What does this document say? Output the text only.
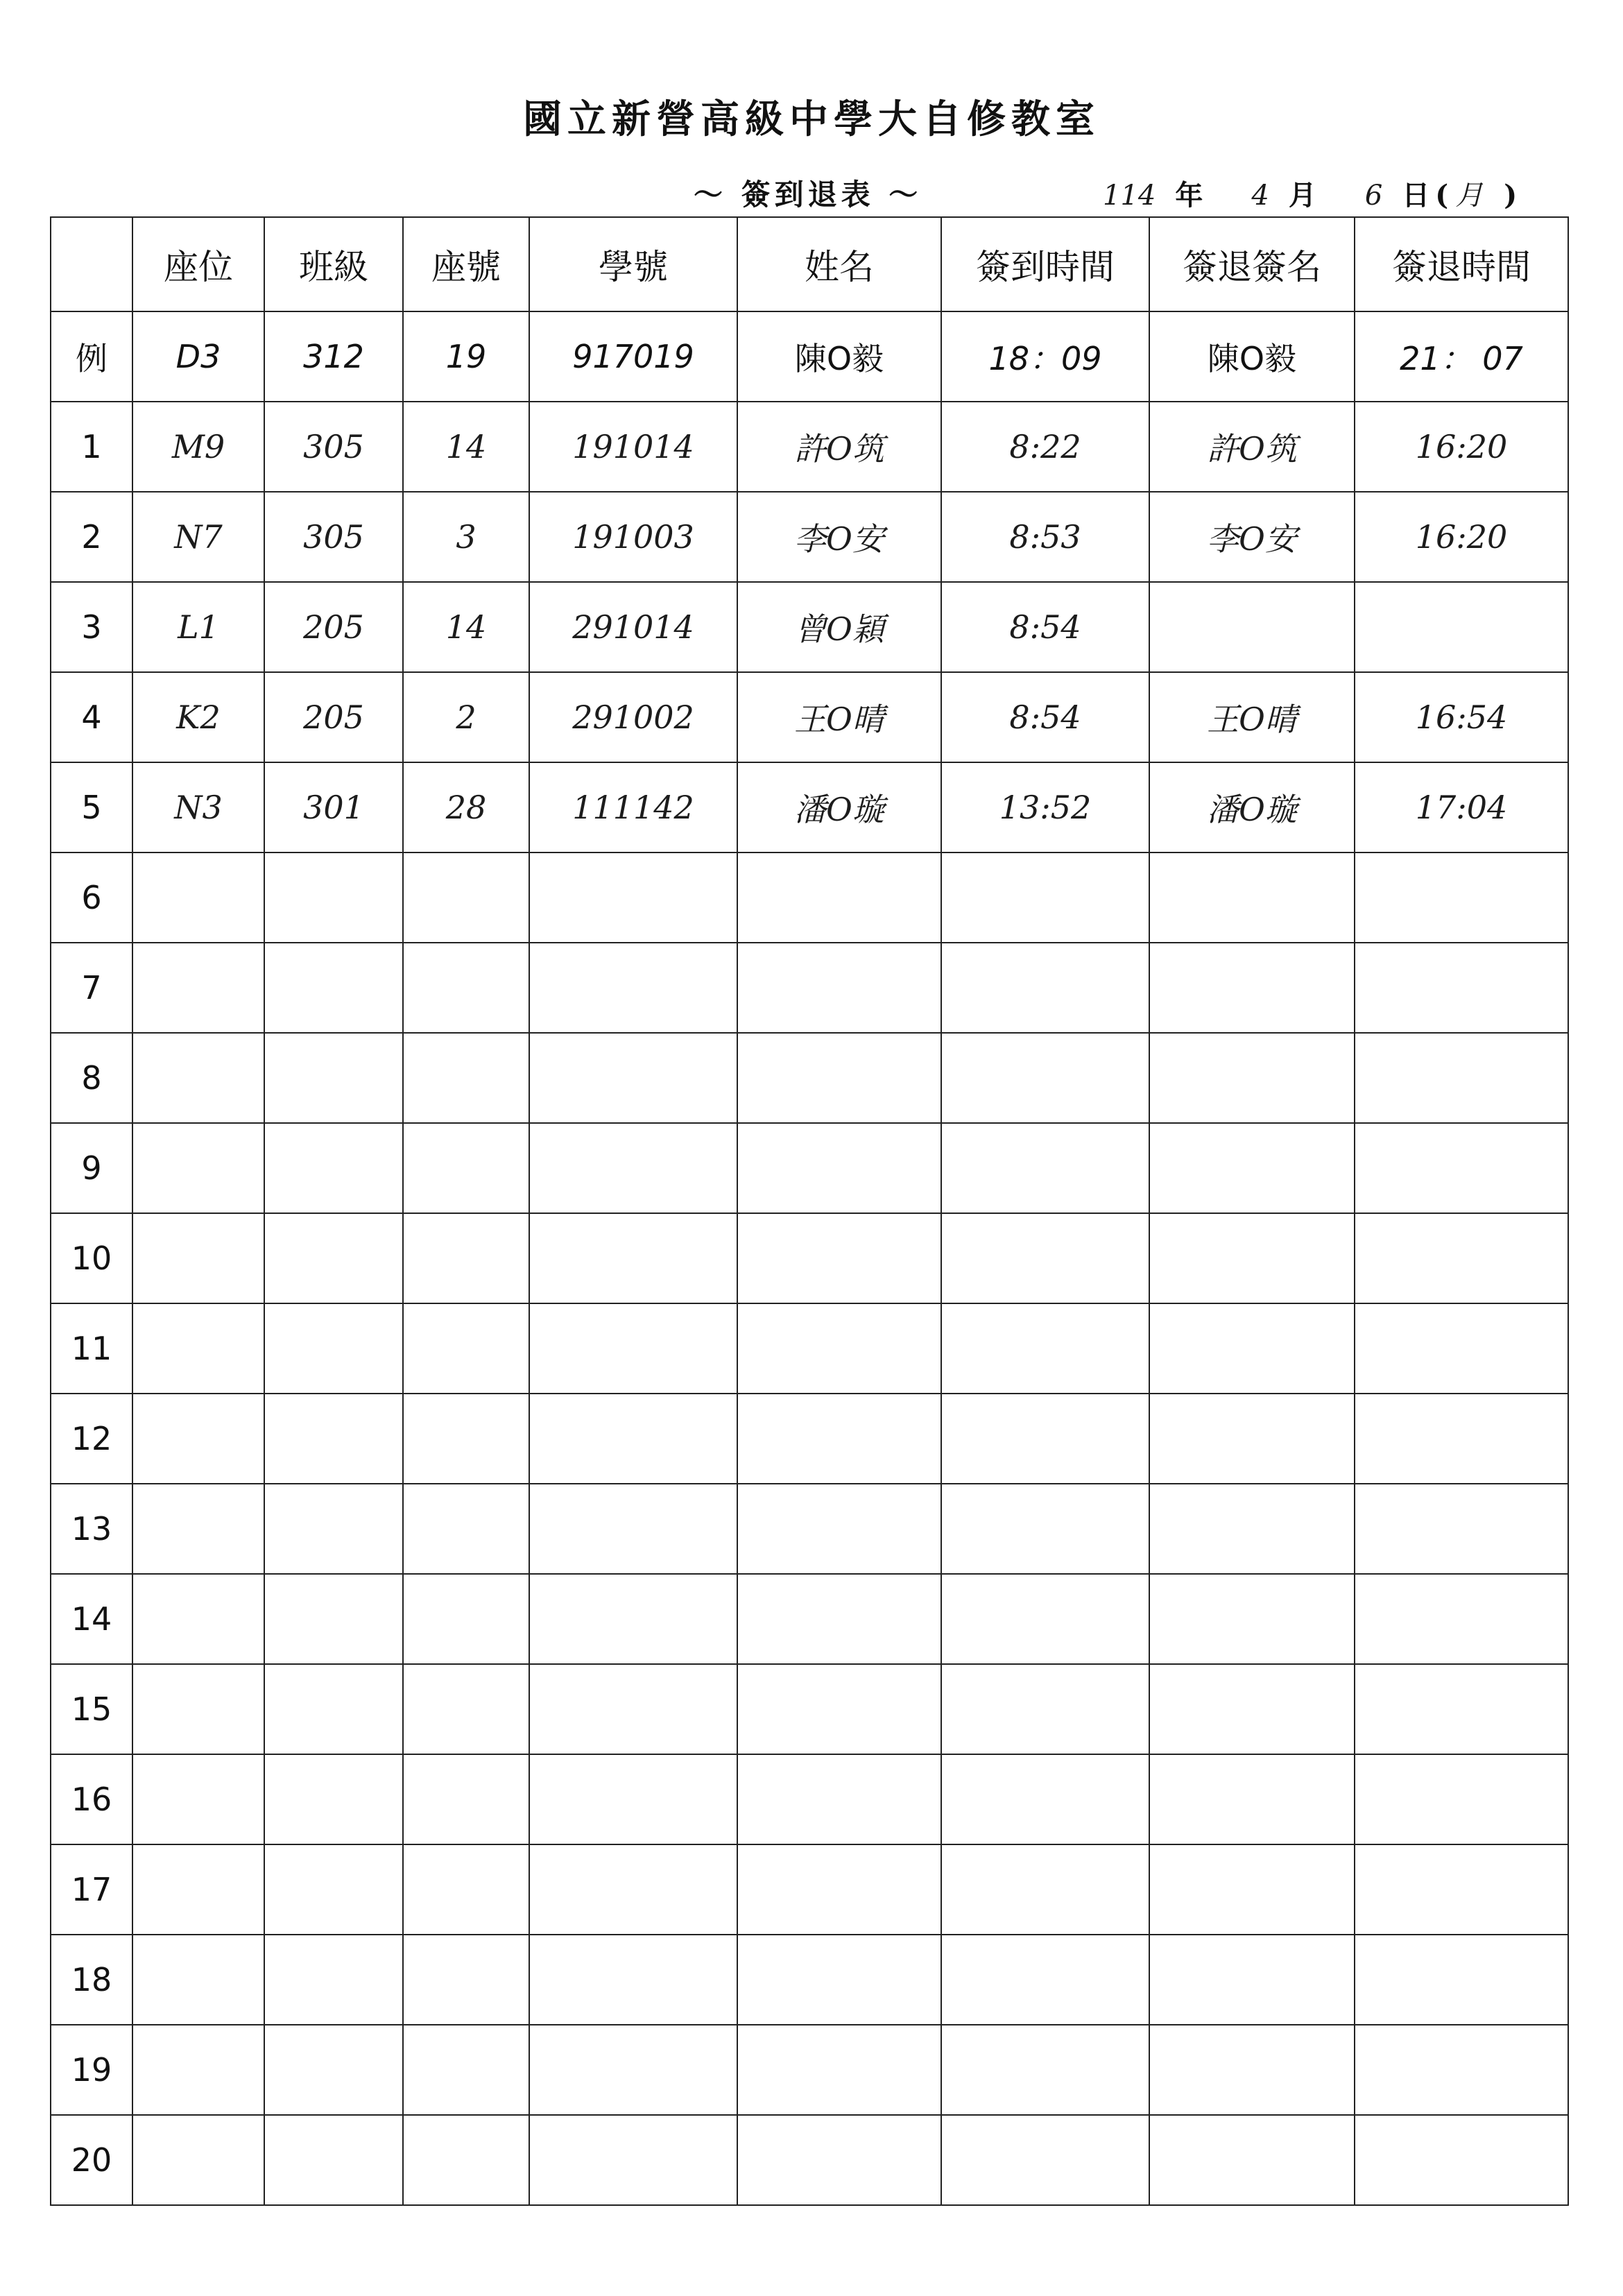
國立新營高級中學大自修教室
〜 簽到退表 〜	114 年 4 月 6 日 ( 月 )
	座位	班級	座號	學號	姓名	簽到時間	簽退簽名	簽退時間
例	D3	312	19	917019	陳O毅	18：09	陳O毅	21： 07
1	M9	305	14	191014	許O筑	8:22	許O筑	16:20
2	N7	305	3	191003	李O安	8:53	李O安	16:20
3	L1	205	14	291014	曾O穎	8:54		
4	K2	205	2	291002	王O晴	8:54	王O晴	16:54
5	N3	301	28	111142	潘O璇	13:52	潘O璇	17:04
6								
7								
8								
9								
10								
11								
12								
13								
14								
15								
16								
17								
18								
19								
20								
